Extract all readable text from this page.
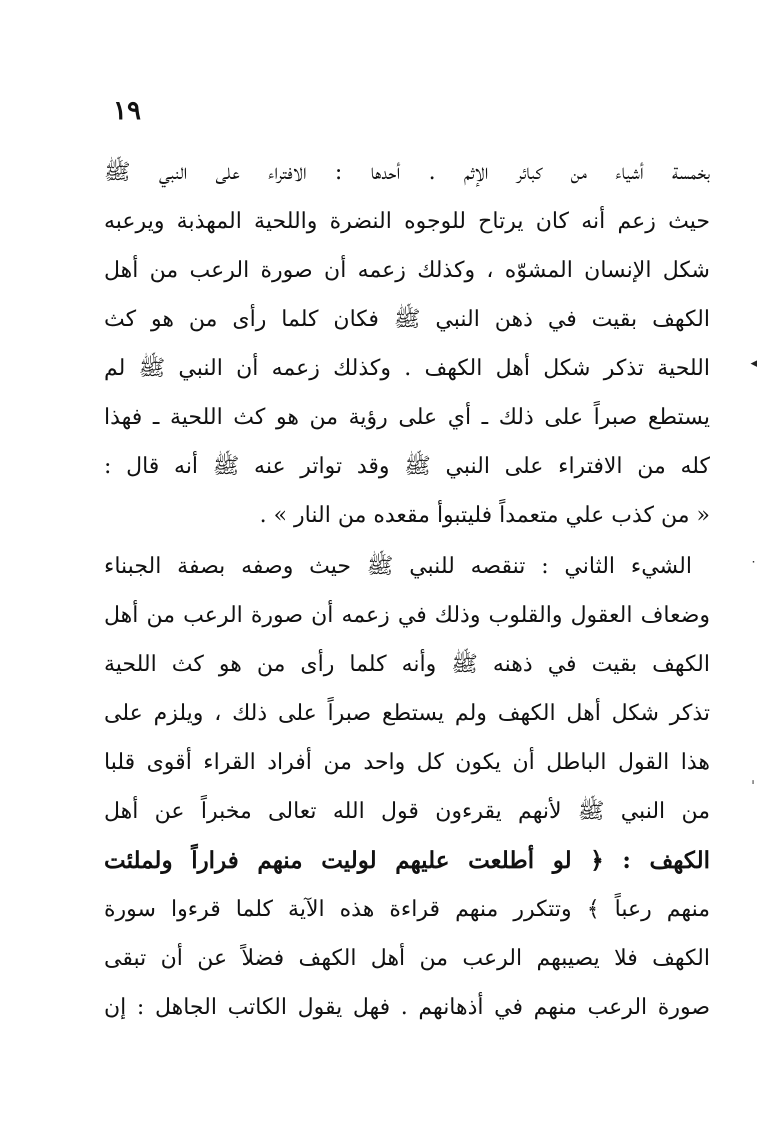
١٩
بخمسة أشياء من كبائر الإثم . أحدها : الافتراء على النبي ﷺ
حيث زعم أنه كان يرتاح للوجوه النضرة واللحية المهذبة ويرعبه
شكل الإنسان المشوّه ، وكذلك زعمه أن صورة الرعب من أهل
الكهف بقيت في ذهن النبي ﷺ فكان كلما رأى من هو كث
اللحية تذكر شكل أهل الكهف . وكذلك زعمه أن النبي ﷺ لم
يستطع صبراً على ذلك ـ أي على رؤية من هو كث اللحية ـ فهذا
كله من الافتراء على النبي ﷺ وقد تواتر عنه ﷺ أنه قال :
« من كذب علي متعمداً فليتبوأ مقعده من النار » .
الشيء الثاني : تنقصه للنبي ﷺ حيث وصفه بصفة الجبناء
وضعاف العقول والقلوب وذلك في زعمه أن صورة الرعب من أهل
الكهف بقيت في ذهنه ﷺ وأنه كلما رأى من هو كث اللحية
تذكر شكل أهل الكهف ولم يستطع صبراً على ذلك ، ويلزم على
هذا القول الباطل أن يكون كل واحد من أفراد القراء أقوى قلبا
من النبي ﷺ لأنهم يقرءون قول الله تعالى مخبراً عن أهل
الكهف : ﴿ لو أطلعت عليهم لوليت منهم فراراً ولملئت
منهم رعباً ﴾ وتتكرر منهم قراءة هذه الآية كلما قرءوا سورة
الكهف فلا يصيبهم الرعب من أهل الكهف فضلاً عن أن تبقى
صورة الرعب منهم في أذهانهم . فهل يقول الكاتب الجاهل : إن
◂
˙
ˌ
